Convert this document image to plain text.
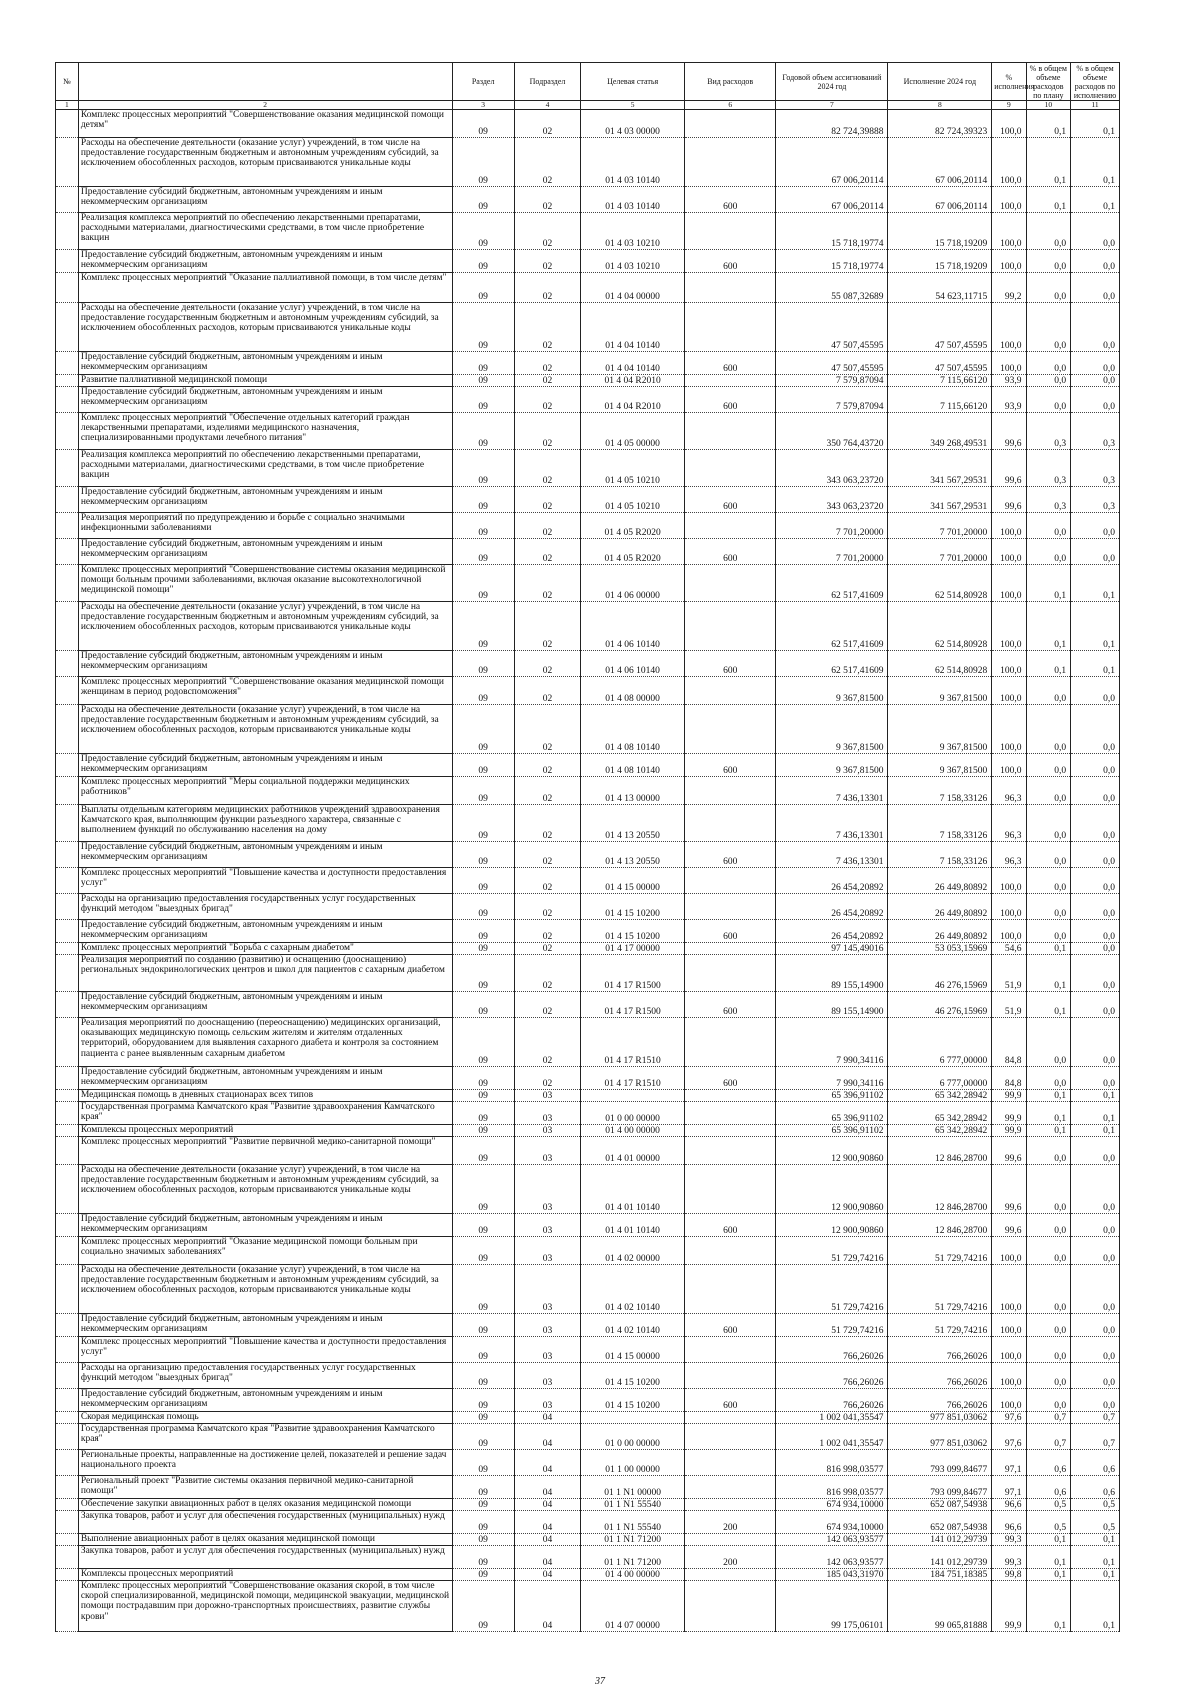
№		Раздел	Подраздел	Целевая статья	Вид расходов	Годовой объем ассигнований 2024 год	Исполнение 2024 год	% исполнения	% в общем объеме расходов по плану	% в общем объеме расходов по исполнению
1	2	3	4	5	6	7	8	9	10	11
	Комплекс процессных мероприятий "Совершенствование оказания медицинской помощи детям"	09	02	01 4 03 00000		82 724,39888	82 724,39323	100,0	0,1	0,1
	Расходы на обеспечение деятельности (оказание услуг) учреждений, в том числе на предоставление государственным бюджетным и автономным учреждениям субсидий, за исключением обособленных расходов, которым присваиваются уникальные коды	09	02	01 4 03 10140		67 006,20114	67 006,20114	100,0	0,1	0,1
	Предоставление субсидий бюджетным, автономным учреждениям и иным некоммерческим организациям	09	02	01 4 03 10140	600	67 006,20114	67 006,20114	100,0	0,1	0,1
	Реализация комплекса мероприятий по обеспечению лекарственными препаратами, расходными материалами, диагностическими средствами, в том числе приобретение вакцин	09	02	01 4 03 10210		15 718,19774	15 718,19209	100,0	0,0	0,0
	Предоставление субсидий бюджетным, автономным учреждениям и иным некоммерческим организациям	09	02	01 4 03 10210	600	15 718,19774	15 718,19209	100,0	0,0	0,0
	Комплекс процессных мероприятий "Оказание паллиативной помощи, в том числе детям"	09	02	01 4 04 00000		55 087,32689	54 623,11715	99,2	0,0	0,0
	Расходы на обеспечение деятельности (оказание услуг) учреждений, в том числе на предоставление государственным бюджетным и автономным учреждениям субсидий, за исключением обособленных расходов, которым присваиваются уникальные коды	09	02	01 4 04 10140		47 507,45595	47 507,45595	100,0	0,0	0,0
	Предоставление субсидий бюджетным, автономным учреждениям и иным некоммерческим организациям	09	02	01 4 04 10140	600	47 507,45595	47 507,45595	100,0	0,0	0,0
	Развитие паллиативной медицинской помощи	09	02	01 4 04 R2010		7 579,87094	7 115,66120	93,9	0,0	0,0
	Предоставление субсидий бюджетным, автономным учреждениям и иным некоммерческим организациям	09	02	01 4 04 R2010	600	7 579,87094	7 115,66120	93,9	0,0	0,0
	Комплекс процессных мероприятий "Обеспечение отдельных категорий граждан лекарственными препаратами, изделиями медицинского назначения, специализированными продуктами лечебного питания"	09	02	01 4 05 00000		350 764,43720	349 268,49531	99,6	0,3	0,3
	Реализация комплекса мероприятий по обеспечению лекарственными препаратами, расходными материалами, диагностическими средствами, в том числе приобретение вакцин	09	02	01 4 05 10210		343 063,23720	341 567,29531	99,6	0,3	0,3
	Предоставление субсидий бюджетным, автономным учреждениям и иным некоммерческим организациям	09	02	01 4 05 10210	600	343 063,23720	341 567,29531	99,6	0,3	0,3
	Реализация мероприятий по предупреждению и борьбе с социально значимыми инфекционными заболеваниями	09	02	01 4 05 R2020		7 701,20000	7 701,20000	100,0	0,0	0,0
	Предоставление субсидий бюджетным, автономным учреждениям и иным некоммерческим организациям	09	02	01 4 05 R2020	600	7 701,20000	7 701,20000	100,0	0,0	0,0
	Комплекс процессных мероприятий "Совершенствование системы оказания медицинской помощи больным прочими заболеваниями, включая оказание высокотехнологичной медицинской помощи"	09	02	01 4 06 00000		62 517,41609	62 514,80928	100,0	0,1	0,1
	Расходы на обеспечение деятельности (оказание услуг) учреждений, в том числе на предоставление государственным бюджетным и автономным учреждениям субсидий, за исключением обособленных расходов, которым присваиваются уникальные коды	09	02	01 4 06 10140		62 517,41609	62 514,80928	100,0	0,1	0,1
	Предоставление субсидий бюджетным, автономным учреждениям и иным некоммерческим организациям	09	02	01 4 06 10140	600	62 517,41609	62 514,80928	100,0	0,1	0,1
	Комплекс процессных мероприятий "Совершенствование оказания медицинской помощи женщинам в период родовспоможения"	09	02	01 4 08 00000		9 367,81500	9 367,81500	100,0	0,0	0,0
	Расходы на обеспечение деятельности (оказание услуг) учреждений, в том числе на предоставление государственным бюджетным и автономным учреждениям субсидий, за исключением обособленных расходов, которым присваиваются уникальные коды	09	02	01 4 08 10140		9 367,81500	9 367,81500	100,0	0,0	0,0
	Предоставление субсидий бюджетным, автономным учреждениям и иным некоммерческим организациям	09	02	01 4 08 10140	600	9 367,81500	9 367,81500	100,0	0,0	0,0
	Комплекс процессных мероприятий "Меры социальной поддержки медицинских работников"	09	02	01 4 13 00000		7 436,13301	7 158,33126	96,3	0,0	0,0
	Выплаты отдельным категориям медицинских работников учреждений здравоохранения Камчатского края, выполняющим функции разъездного характера, связанные с выполнением функций по обслуживанию населения на дому	09	02	01 4 13 20550		7 436,13301	7 158,33126	96,3	0,0	0,0
	Предоставление субсидий бюджетным, автономным учреждениям и иным некоммерческим организациям	09	02	01 4 13 20550	600	7 436,13301	7 158,33126	96,3	0,0	0,0
	Комплекс процессных мероприятий "Повышение качества и доступности предоставления услуг"	09	02	01 4 15 00000		26 454,20892	26 449,80892	100,0	0,0	0,0
	Расходы на организацию предоставления государственных услуг государственных функций методом "выездных бригад"	09	02	01 4 15 10200		26 454,20892	26 449,80892	100,0	0,0	0,0
	Предоставление субсидий бюджетным, автономным учреждениям и иным некоммерческим организациям	09	02	01 4 15 10200	600	26 454,20892	26 449,80892	100,0	0,0	0,0
	Комплекс процессных мероприятий "Борьба с сахарным диабетом"	09	02	01 4 17 00000		97 145,49016	53 053,15969	54,6	0,1	0,0
	Реализация мероприятий по созданию (развитию) и оснащению (дооснащению) региональных эндокринологических центров и школ для пациентов с сахарным диабетом	09	02	01 4 17 R1500		89 155,14900	46 276,15969	51,9	0,1	0,0
	Предоставление субсидий бюджетным, автономным учреждениям и иным некоммерческим организациям	09	02	01 4 17 R1500	600	89 155,14900	46 276,15969	51,9	0,1	0,0
	Реализация мероприятий по дооснащению (переоснащению) медицинских организаций, оказывающих медицинскую помощь сельским жителям и жителям отдаленных территорий, оборудованием для выявления сахарного диабета и контроля за состоянием пациента с ранее выявленным сахарным диабетом	09	02	01 4 17 R1510		7 990,34116	6 777,00000	84,8	0,0	0,0
	Предоставление субсидий бюджетным, автономным учреждениям и иным некоммерческим организациям	09	02	01 4 17 R1510	600	7 990,34116	6 777,00000	84,8	0,0	0,0
	Медицинская помощь в дневных стационарах всех типов	09	03			65 396,91102	65 342,28942	99,9	0,1	0,1
	Государственная программа Камчатского края "Развитие здравоохранения Камчатского края"	09	03	01 0 00 00000		65 396,91102	65 342,28942	99,9	0,1	0,1
	Комплексы процессных мероприятий	09	03	01 4 00 00000		65 396,91102	65 342,28942	99,9	0,1	0,1
	Комплекс процессных мероприятий "Развитие первичной медико-санитарной помощи"	09	03	01 4 01 00000		12 900,90860	12 846,28700	99,6	0,0	0,0
	Расходы на обеспечение деятельности (оказание услуг) учреждений, в том числе на предоставление государственным бюджетным и автономным учреждениям субсидий, за исключением обособленных расходов, которым присваиваются уникальные коды	09	03	01 4 01 10140		12 900,90860	12 846,28700	99,6	0,0	0,0
	Предоставление субсидий бюджетным, автономным учреждениям и иным некоммерческим организациям	09	03	01 4 01 10140	600	12 900,90860	12 846,28700	99,6	0,0	0,0
	Комплекс процессных мероприятий "Оказание медицинской помощи больным при социально значимых заболеваниях"	09	03	01 4 02 00000		51 729,74216	51 729,74216	100,0	0,0	0,0
	Расходы на обеспечение деятельности (оказание услуг) учреждений, в том числе на предоставление государственным бюджетным и автономным учреждениям субсидий, за исключением обособленных расходов, которым присваиваются уникальные коды	09	03	01 4 02 10140		51 729,74216	51 729,74216	100,0	0,0	0,0
	Предоставление субсидий бюджетным, автономным учреждениям и иным некоммерческим организациям	09	03	01 4 02 10140	600	51 729,74216	51 729,74216	100,0	0,0	0,0
	Комплекс процессных мероприятий "Повышение качества и доступности предоставления услуг"	09	03	01 4 15 00000		766,26026	766,26026	100,0	0,0	0,0
	Расходы на организацию предоставления государственных услуг государственных функций методом "выездных бригад"	09	03	01 4 15 10200		766,26026	766,26026	100,0	0,0	0,0
	Предоставление субсидий бюджетным, автономным учреждениям и иным некоммерческим организациям	09	03	01 4 15 10200	600	766,26026	766,26026	100,0	0,0	0,0
	Скорая медицинская помощь	09	04			1 002 041,35547	977 851,03062	97,6	0,7	0,7
	Государственная программа Камчатского края "Развитие здравоохранения Камчатского края"	09	04	01 0 00 00000		1 002 041,35547	977 851,03062	97,6	0,7	0,7
	Региональные проекты, направленные на достижение целей, показателей и решение задач национального проекта	09	04	01 1 00 00000		816 998,03577	793 099,84677	97,1	0,6	0,6
	Региональный проект "Развитие системы оказания первичной медико-санитарной помощи"	09	04	01 1 N1 00000		816 998,03577	793 099,84677	97,1	0,6	0,6
	Обеспечение закупки авиационных работ в целях оказания медицинской помощи	09	04	01 1 N1 55540		674 934,10000	652 087,54938	96,6	0,5	0,5
	Закупка товаров, работ и услуг для обеспечения государственных (муниципальных) нужд	09	04	01 1 N1 55540	200	674 934,10000	652 087,54938	96,6	0,5	0,5
	Выполнение авиационных работ в целях оказания медицинской помощи	09	04	01 1 N1 71200		142 063,93577	141 012,29739	99,3	0,1	0,1
	Закупка товаров, работ и услуг для обеспечения государственных (муниципальных) нужд	09	04	01 1 N1 71200	200	142 063,93577	141 012,29739	99,3	0,1	0,1
	Комплексы процессных мероприятий	09	04	01 4 00 00000		185 043,31970	184 751,18385	99,8	0,1	0,1
	Комплекс процессных мероприятий "Совершенствование оказания скорой, в том числе скорой специализированной, медицинской помощи, медицинской эвакуации, медицинской помощи пострадавшим при дорожно-транспортных происшествиях, развитие службы крови"	09	04	01 4 07 00000		99 175,06101	99 065,81888	99,9	0,1	0,1
37
